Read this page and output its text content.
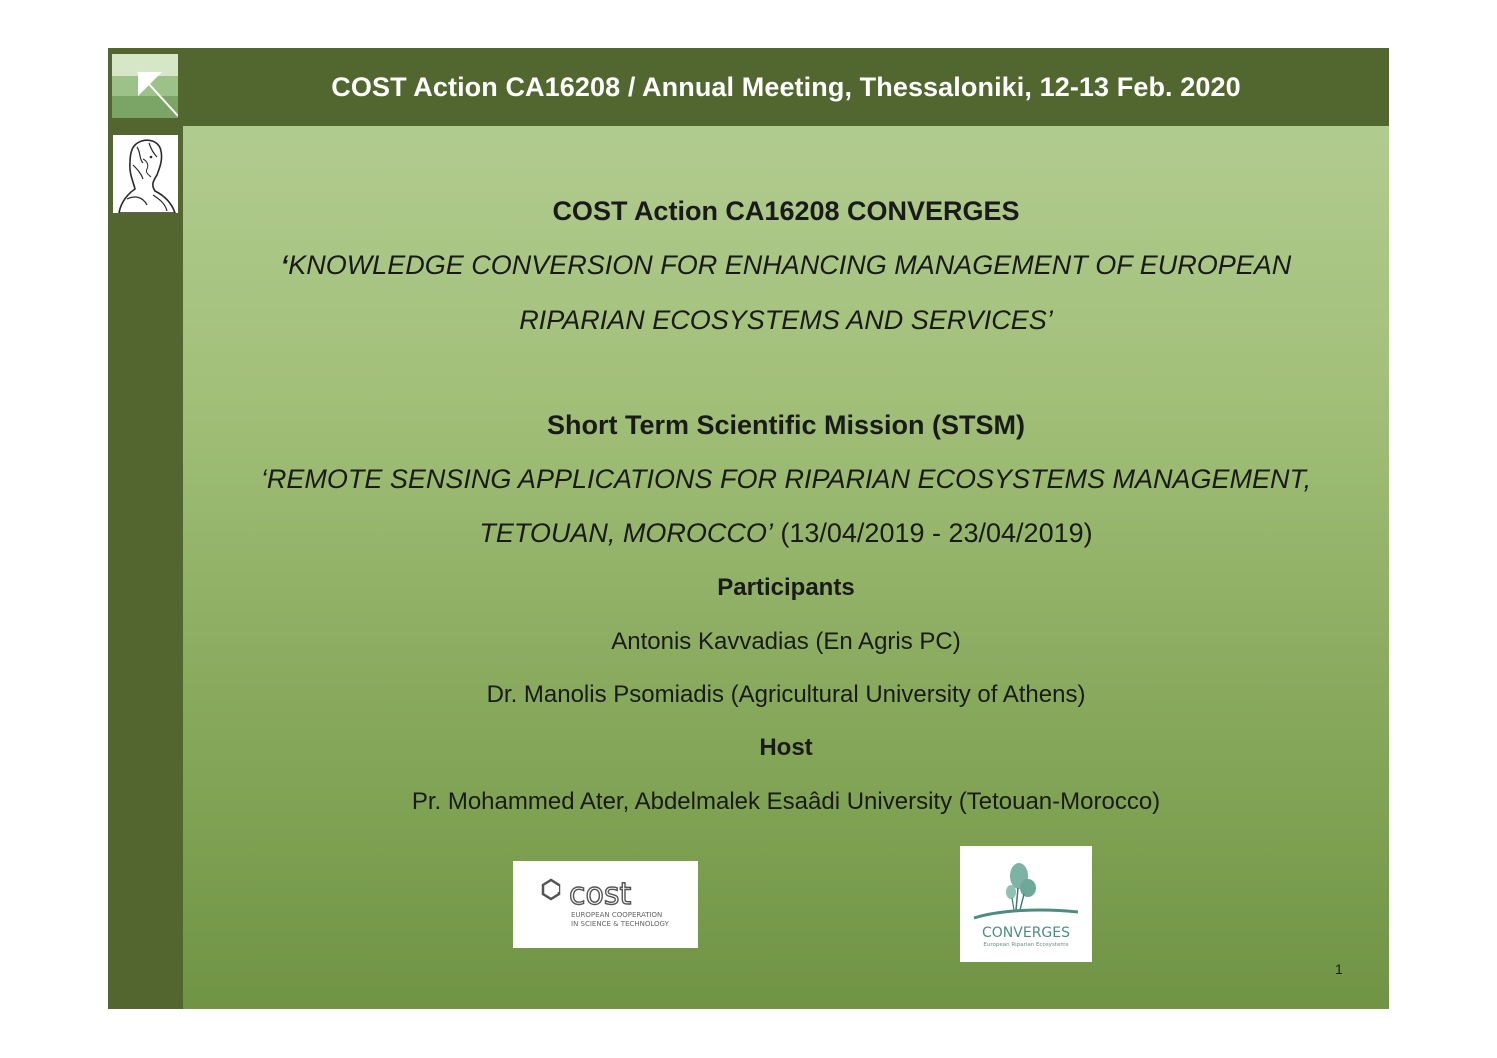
COST Action CA16208 / Annual Meeting, Thessaloniki, 12-13 Feb. 2020
COST Action CA16208 CONVERGES
‘KNOWLEDGE CONVERSION FOR ENHANCING MANAGEMENT OF EUROPEAN
RIPARIAN ECOSYSTEMS AND SERVICES’
Short Term Scientific Mission (STSM)
‘REMOTE SENSING APPLICATIONS FOR RIPARIAN ECOSYSTEMS MANAGEMENT,
TETOUAN, MOROCCO’ (13/04/2019 - 23/04/2019)
Participants
Antonis Kavvadias (En Agris PC)
Dr. Manolis Psomiadis (Agricultural University of Athens)
Host
Pr. Mohammed Ater, Abdelmalek Esaâdi University (Tetouan-Morocco)
cost
EUROPEAN COOPERATION
IN SCIENCE & TECHNOLOGY
CONVERGES
European Riparian Ecosystems
1
